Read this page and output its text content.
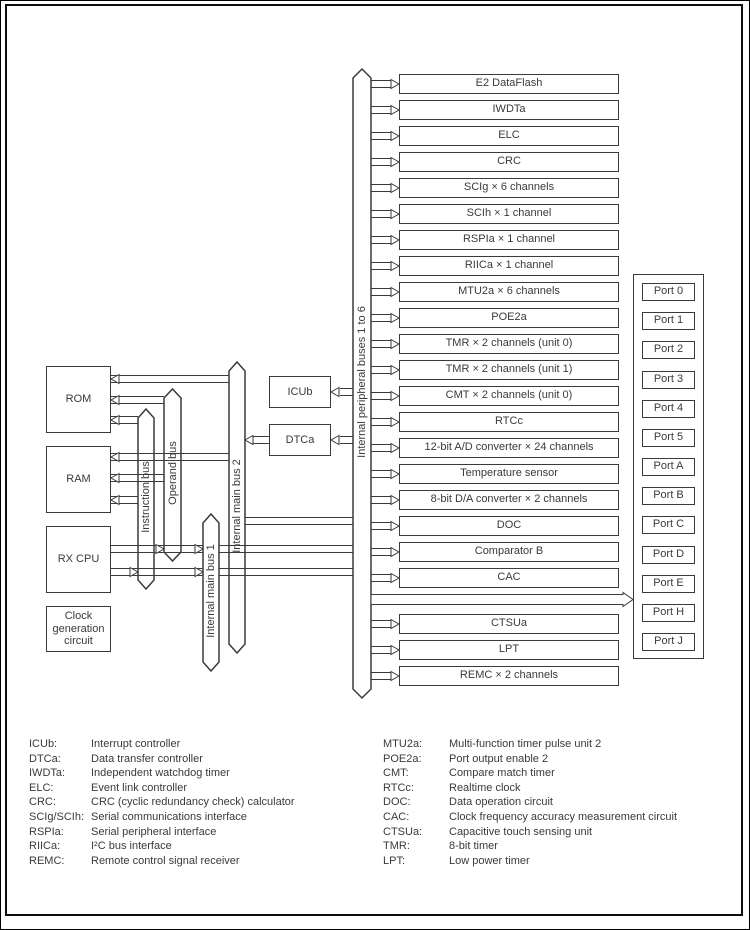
Instruction bus Operand bus
Internal main bus 1
Internal main bus 2
Internal peripheral buses 1 to 6
ROM
RAM
RX CPU
Clock generation circuit
ICUb
DTCa
E2 DataFlash
IWDTa
ELC
CRC
SCIg × 6 channels
SCIh × 1 channel
RSPIa × 1 channel
RIICa × 1 channel
MTU2a × 6 channels
POE2a
TMR × 2 channels (unit 0)
TMR × 2 channels (unit 1)
CMT × 2 channels (unit 0)
RTCc
12-bit A/D converter × 24 channels
Temperature sensor
8-bit D/A converter × 2 channels
DOC
Comparator B
CAC
CTSUa
LPT
REMC × 2 channels
Port 0
Port 1
Port 2
Port 3
Port 4
Port 5
Port A
Port B
Port C
Port D
Port E
Port H
Port J
ICUb:	Interrupt controller
DTCa:	Data transfer controller
IWDTa: Independent watchdog timer
ELC:	Event link controller
CRC:	CRC (cyclic redundancy check) calculator
SCIg/SCIh: Serial communications interface
RSPIa: Serial peripheral interface
RIICa:	I²C bus interface
REMC: Remote control signal receiver
MTU2a: Multi-function timer pulse unit 2
POE2a: Port output enable 2
CMT:	Compare match timer
RTCc:	Realtime clock
DOC:	Data operation circuit
CAC:	Clock frequency accuracy measurement circuit
CTSUa: Capacitive touch sensing unit
TMR:	8-bit timer
LPT:	Low power timer
